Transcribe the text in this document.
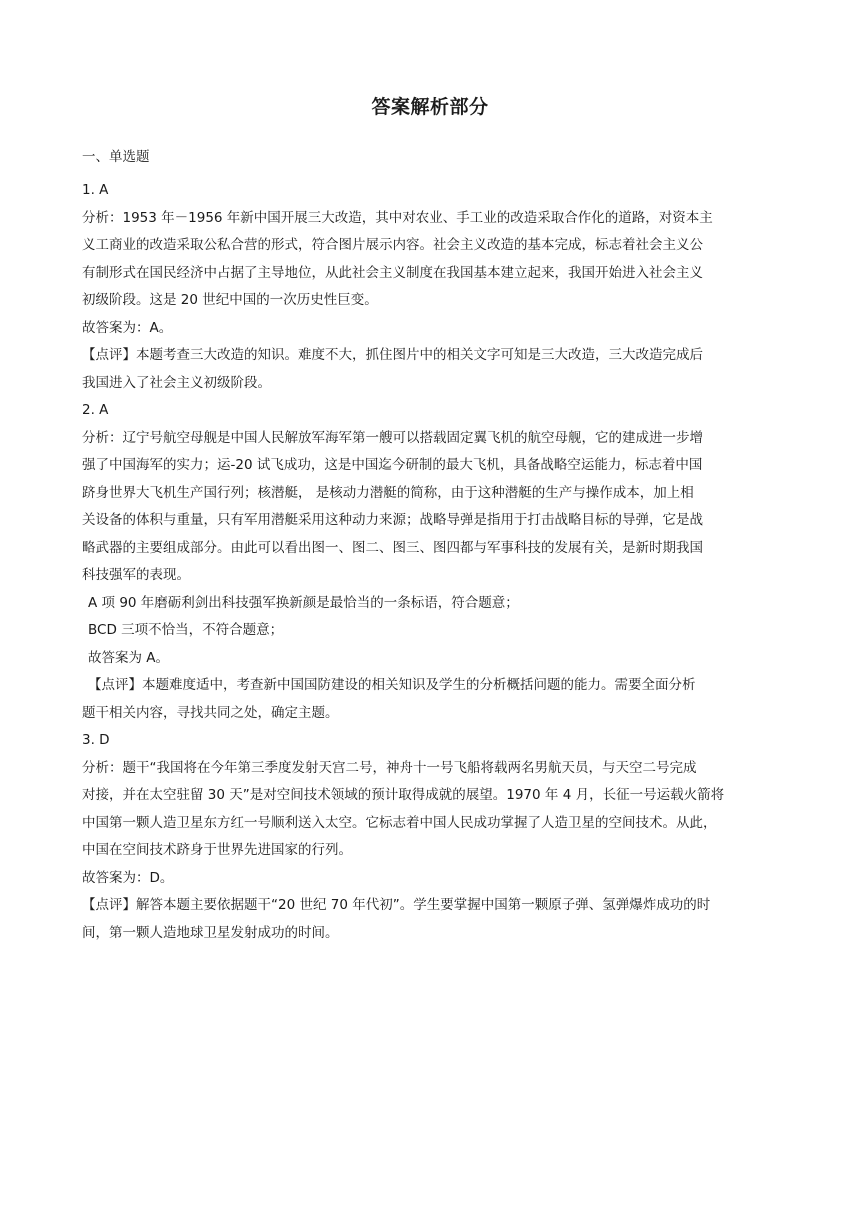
答案解析部分
一、单选题
1. A
分析：1953 年－1956 年新中国开展三大改造，其中对农业、手工业的改造采取合作化的道路，对资本主
义工商业的改造采取公私合营的形式，符合图片展示内容。社会主义改造的基本完成，标志着社会主义公
有制形式在国民经济中占据了主导地位，从此社会主义制度在我国基本建立起来，我国开始进入社会主义
初级阶段。这是 20 世纪中国的一次历史性巨变。
故答案为：A。
【点评】本题考查三大改造的知识。难度不大，抓住图片中的相关文字可知是三大改造，三大改造完成后
我国进入了社会主义初级阶段。
2. A
分析：辽宁号航空母舰是中国人民解放军海军第一艘可以搭载固定翼飞机的航空母舰，它的建成进一步增
强了中国海军的实力；运-20 试飞成功，这是中国迄今研制的最大飞机，具备战略空运能力，标志着中国
跻身世界大飞机生产国行列；核潜艇， 是核动力潜艇的简称，由于这种潜艇的生产与操作成本，加上相
关设备的体积与重量，只有军用潜艇采用这种动力来源；战略导弹是指用于打击战略目标的导弹，它是战
略武器的主要组成部分。由此可以看出图一、图二、图三、图四都与军事科技的发展有关，是新时期我国
科技强军的表现。
A 项 90 年磨砺利剑出科技强军换新颜是最恰当的一条标语，符合题意；
BCD 三项不恰当，不符合题意；
故答案为 A。
【点评】本题难度适中，考查新中国国防建设的相关知识及学生的分析概括问题的能力。需要全面分析
题干相关内容，寻找共同之处，确定主题。
3. D
分析：题干“我国将在今年第三季度发射天宫二号，神舟十一号飞船将载两名男航天员，与天空二号完成
对接，并在太空驻留 30 天”是对空间技术领域的预计取得成就的展望。1970 年 4 月，长征一号运载火箭将
中国第一颗人造卫星东方红一号顺利送入太空。它标志着中国人民成功掌握了人造卫星的空间技术。从此，
中国在空间技术跻身于世界先进国家的行列。
故答案为：D。
【点评】解答本题主要依据题干“20 世纪 70 年代初”。学生要掌握中国第一颗原子弹、氢弹爆炸成功的时
间，第一颗人造地球卫星发射成功的时间。
